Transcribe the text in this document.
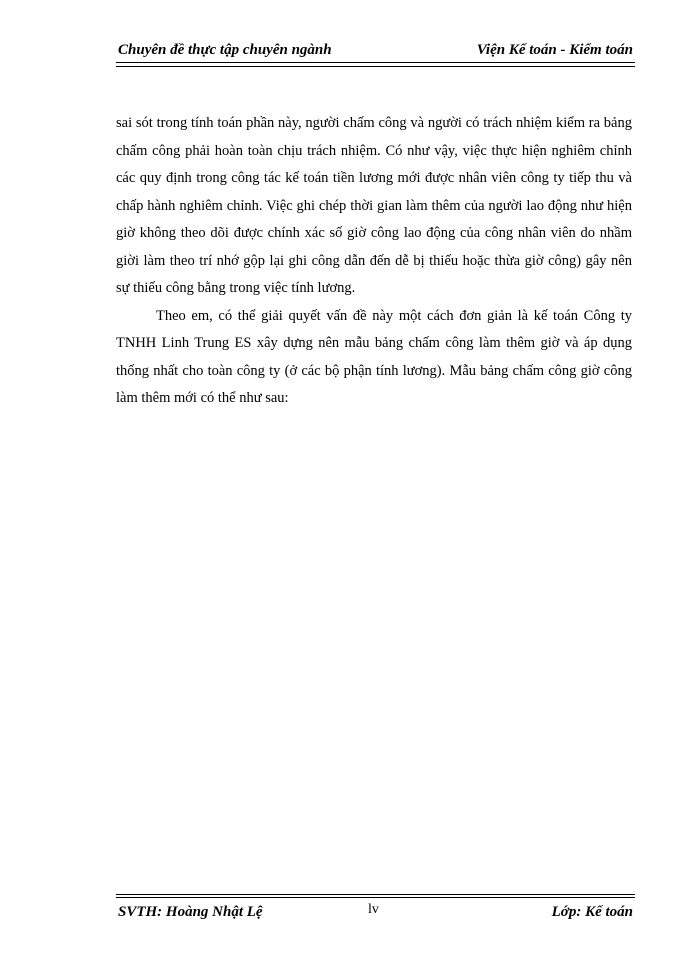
Chuyên đề thực tập chuyên ngành	Viện Kế toán - Kiểm toán

sai sót trong tính toán phần này, người chấm công và người có trách nhiệm kiểm ra bảng chấm công phải hoàn toàn chịu trách nhiệm. Có như vậy, việc thực hiện nghiêm chỉnh các quy định trong công tác kế toán tiền lương mới được nhân viên công ty tiếp thu và chấp hành nghiêm chỉnh. Việc ghi chép thời gian làm thêm của người lao động như hiện giờ không theo dõi được chính xác số giờ công lao động của công nhân viên do nhầm giời làm theo trí nhớ gộp lại ghi công dẫn đến dễ bị thiếu hoặc thừa giờ công) gây nên sự thiếu công bằng trong việc tính lương.

Theo em, có thể giải quyết vấn đề này một cách đơn giản là kế toán Công ty TNHH Linh Trung ES xây dựng nên mẫu bảng chấm công làm thêm giờ và áp dụng thống nhất cho toàn công ty (ở các bộ phận tính lương). Mẫu bảng chấm công giờ công làm thêm mới có thể như sau:

SVTH: Hoàng Nhật Lệ	lv	Lớp: Kế toán
